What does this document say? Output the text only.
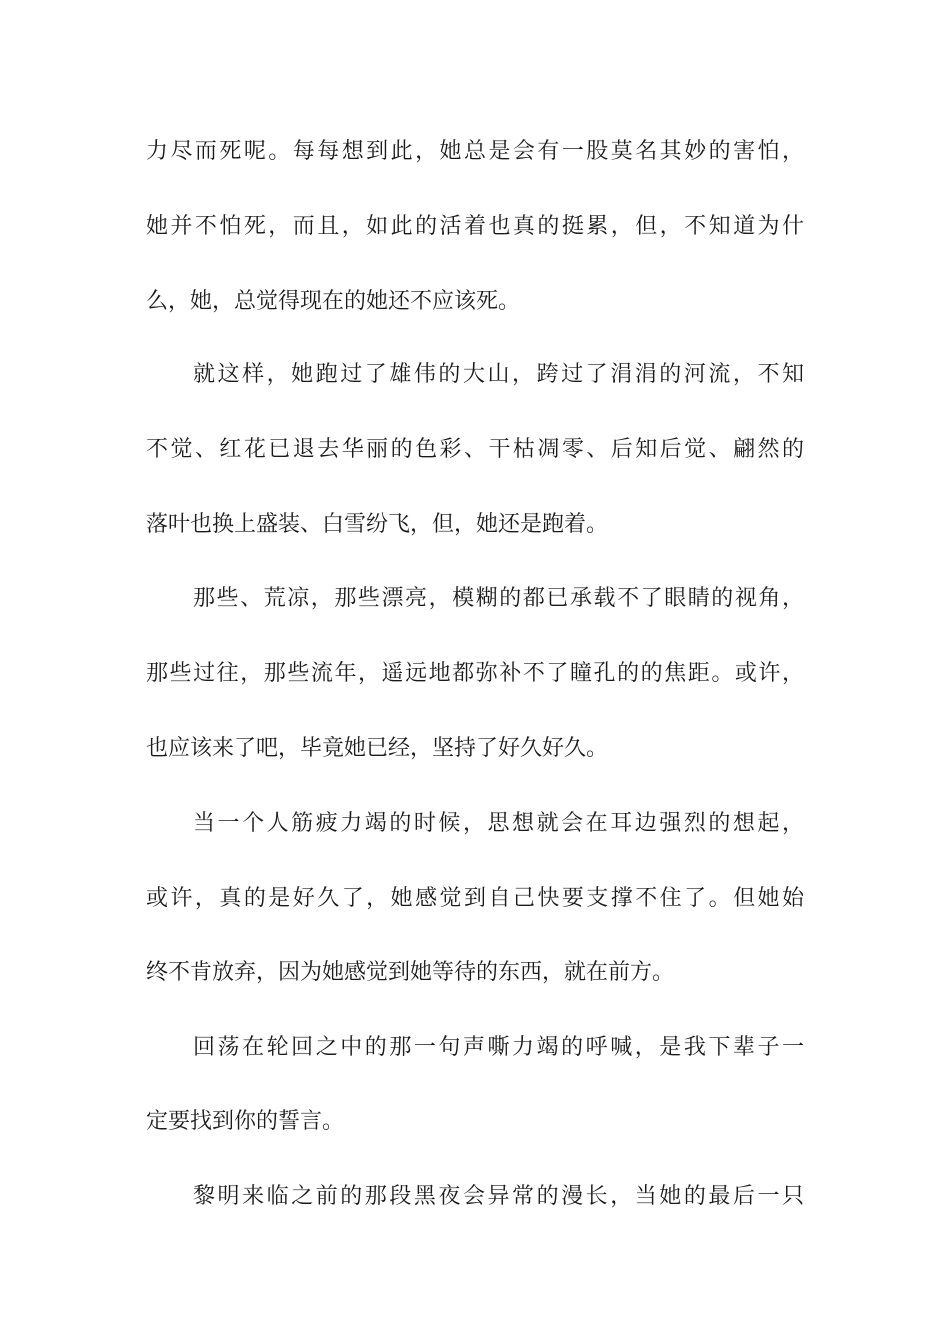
力尽而死呢。每每想到此，她总是会有一股莫名其妙的害怕，
她并不怕死，而且，如此的活着也真的挺累，但，不知道为什
么，她，总觉得现在的她还不应该死。
就这样，她跑过了雄伟的大山，跨过了涓涓的河流，不知
不觉、红花已退去华丽的色彩、干枯凋零、后知后觉、翩然的
落叶也换上盛装、白雪纷飞，但，她还是跑着。
那些、荒凉，那些漂亮，模糊的都已承载不了眼睛的视角，
那些过往，那些流年，遥远地都弥补不了瞳孔的的焦距。或许，
也应该来了吧，毕竟她已经，坚持了好久好久。
当一个人筋疲力竭的时候，思想就会在耳边强烈的想起，
或许，真的是好久了，她感觉到自己快要支撑不住了。但她始
终不肯放弃，因为她感觉到她等待的东西，就在前方。
回荡在轮回之中的那一句声嘶力竭的呼喊，是我下辈子一
定要找到你的誓言。
黎明来临之前的那段黑夜会异常的漫长，当她的最后一只
